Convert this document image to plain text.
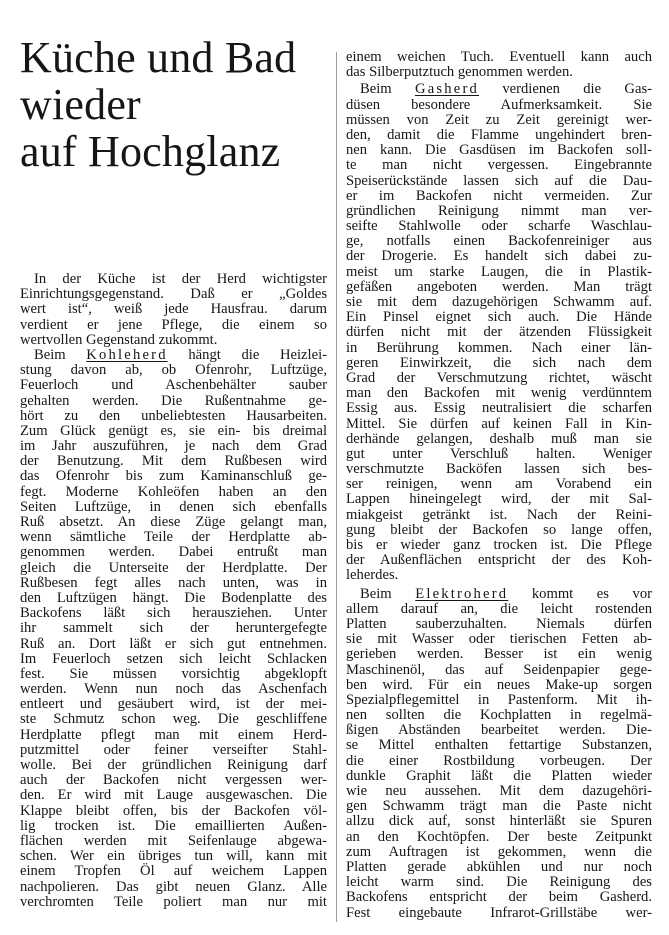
Küche und Bad
wieder
auf Hochglanz
In der Küche ist der Herd wichtigster
Einrichtungsgegenstand. Daß er „Goldes
wert ist“, weiß jede Hausfrau. darum
verdient er jene Pflege, die einem so
wertvollen Gegenstand zukommt.
Beim Kohleherd hängt die Heizlei-
stung davon ab, ob Ofenrohr, Luftzüge,
Feuerloch und Aschenbehälter sauber
gehalten werden. Die Rußentnahme ge-
hört zu den unbeliebtesten Hausarbeiten.
Zum Glück genügt es, sie ein- bis dreimal
im Jahr auszuführen, je nach dem Grad
der Benutzung. Mit dem Rußbesen wird
das Ofenrohr bis zum Kaminanschluß ge-
fegt. Moderne Kohleöfen haben an den
Seiten Luftzüge, in denen sich ebenfalls
Ruß absetzt. An diese Züge gelangt man,
wenn sämtliche Teile der Herdplatte ab-
genommen werden. Dabei entrußt man
gleich die Unterseite der Herdplatte. Der
Rußbesen fegt alles nach unten, was in
den Luftzügen hängt. Die Bodenplatte des
Backofens läßt sich herausziehen. Unter
ihr sammelt sich der heruntergefegte
Ruß an. Dort läßt er sich gut entnehmen.
Im Feuerloch setzen sich leicht Schlacken
fest. Sie müssen vorsichtig abgeklopft
werden. Wenn nun noch das Aschenfach
entleert und gesäubert wird, ist der mei-
ste Schmutz schon weg. Die geschliffene
Herdplatte pflegt man mit einem Herd-
putzmittel oder feiner verseifter Stahl-
wolle. Bei der gründlichen Reinigung darf
auch der Backofen nicht vergessen wer-
den. Er wird mit Lauge ausgewaschen. Die
Klappe bleibt offen, bis der Backofen völ-
lig trocken ist. Die emaillierten Außen-
flächen werden mit Seifenlauge abgewa-
schen. Wer ein übriges tun will, kann mit
einem Tropfen Öl auf weichem Lappen
nachpolieren. Das gibt neuen Glanz. Alle
verchromten Teile poliert man nur mit
einem weichen Tuch. Eventuell kann auch
das Silberputztuch genommen werden.
Beim Gasherd verdienen die Gas-
düsen besondere Aufmerksamkeit. Sie
müssen von Zeit zu Zeit gereinigt wer-
den, damit die Flamme ungehindert bren-
nen kann. Die Gasdüsen im Backofen soll-
te man nicht vergessen. Eingebrannte
Speiserückstände lassen sich auf die Dau-
er im Backofen nicht vermeiden. Zur
gründlichen Reinigung nimmt man ver-
seifte Stahlwolle oder scharfe Waschlau-
ge, notfalls einen Backofenreiniger aus
der Drogerie. Es handelt sich dabei zu-
meist um starke Laugen, die in Plastik-
gefäßen angeboten werden. Man trägt
sie mit dem dazugehörigen Schwamm auf.
Ein Pinsel eignet sich auch. Die Hände
dürfen nicht mit der ätzenden Flüssigkeit
in Berührung kommen. Nach einer län-
geren Einwirkzeit, die sich nach dem
Grad der Verschmutzung richtet, wäscht
man den Backofen mit wenig verdünntem
Essig aus. Essig neutralisiert die scharfen
Mittel. Sie dürfen auf keinen Fall in Kin-
derhände gelangen, deshalb muß man sie
gut unter Verschluß halten. Weniger
verschmutzte Backöfen lassen sich bes-
ser reinigen, wenn am Vorabend ein
Lappen hineingelegt wird, der mit Sal-
miakgeist getränkt ist. Nach der Reini-
gung bleibt der Backofen so lange offen,
bis er wieder ganz trocken ist. Die Pflege
der Außenflächen entspricht der des Koh-
leherdes.
Beim Elektroherd kommt es vor
allem darauf an, die leicht rostenden
Platten sauberzuhalten. Niemals dürfen
sie mit Wasser oder tierischen Fetten ab-
gerieben werden. Besser ist ein wenig
Maschinenöl, das auf Seidenpapier gege-
ben wird. Für ein neues Make-up sorgen
Spezialpflegemittel in Pastenform. Mit ih-
nen sollten die Kochplatten in regelmä-
ßigen Abständen bearbeitet werden. Die-
se Mittel enthalten fettartige Substanzen,
die einer Rostbildung vorbeugen. Der
dunkle Graphit läßt die Platten wieder
wie neu aussehen. Mit dem dazugehöri-
gen Schwamm trägt man die Paste nicht
allzu dick auf, sonst hinterläßt sie Spuren
an den Kochtöpfen. Der beste Zeitpunkt
zum Auftragen ist gekommen, wenn die
Platten gerade abkühlen und nur noch
leicht warm sind. Die Reinigung des
Backofens entspricht der beim Gasherd.
Fest eingebaute Infrarot-Grillstäbe wer-
